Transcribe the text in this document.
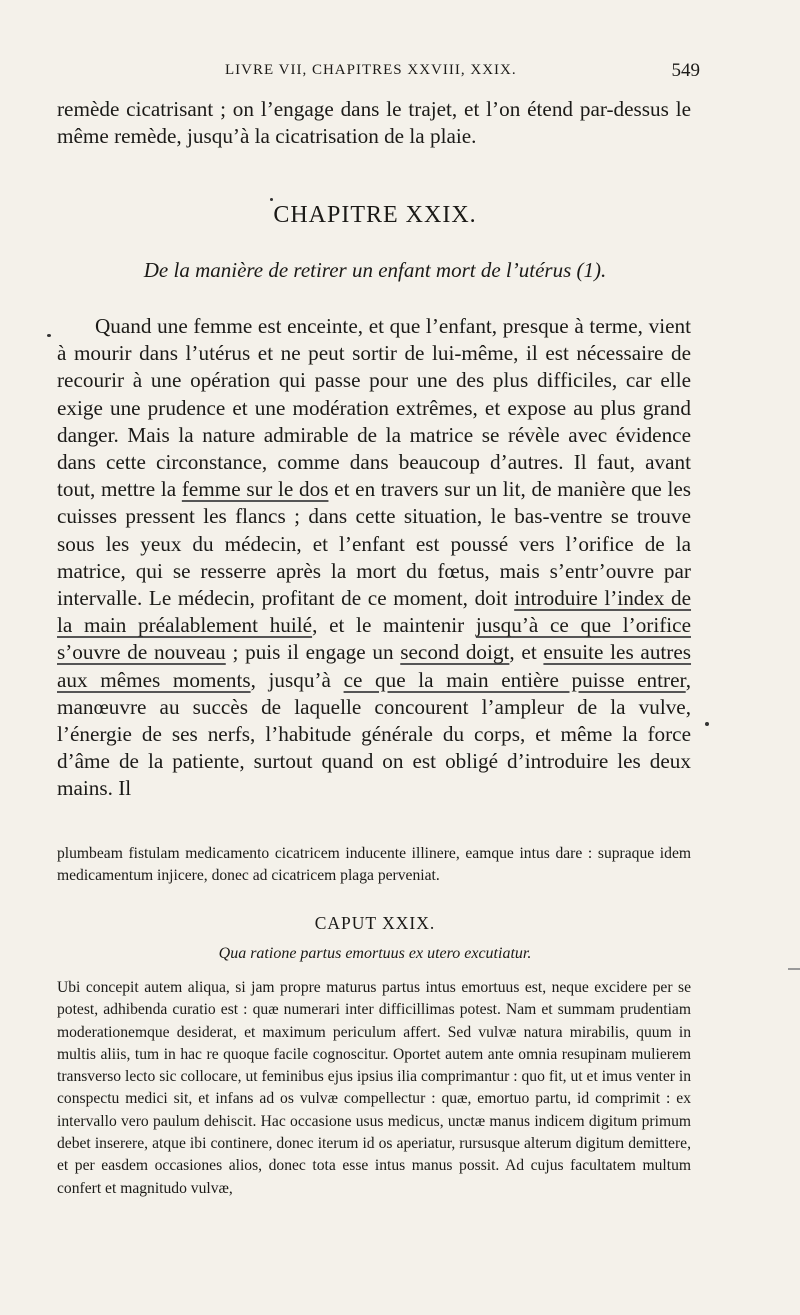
LIVRE VII, CHAPITRES XXVIII, XXIX.	549
remède cicatrisant ; on l’engage dans le trajet, et l’on étend par-dessus le même remède, jusqu’à la cicatrisation de la plaie.
CHAPITRE XXIX.
De la manière de retirer un enfant mort de l’utérus (1).
Quand une femme est enceinte, et que l’enfant, presque à terme, vient à mourir dans l’utérus et ne peut sortir de lui-même, il est nécessaire de recourir à une opération qui passe pour une des plus difficiles, car elle exige une prudence et une modération extrêmes, et expose au plus grand danger. Mais la nature admirable de la matrice se révèle avec évidence dans cette circonstance, comme dans beaucoup d’autres. Il faut, avant tout, mettre la femme sur le dos et en travers sur un lit, de manière que les cuisses pressent les flancs ; dans cette situation, le bas-ventre se trouve sous les yeux du médecin, et l’enfant est poussé vers l’orifice de la matrice, qui se resserre après la mort du fœtus, mais s’entr’ouvre par intervalle. Le médecin, profitant de ce moment, doit introduire l’index de la main préalablement huilé, et le maintenir jusqu’à ce que l’orifice s’ouvre de nouveau ; puis il engage un second doigt, et ensuite les autres aux mêmes moments, jusqu’à ce que la main entière puisse entrer, manœuvre au succès de laquelle concourent l’ampleur de la vulve, l’énergie de ses nerfs, l’habitude générale du corps, et même la force d’âme de la patiente, surtout quand on est obligé d’introduire les deux mains. Il
plumbeam fistulam medicamento cicatricem inducente illinere, eamque intus dare : supraque idem medicamentum injicere, donec ad cicatricem plaga perveniat.
CAPUT XXIX.
Qua ratione partus emortuus ex utero excutiatur.
Ubi concepit autem aliqua, si jam propre maturus partus intus emortuus est, neque excidere per se potest, adhibenda curatio est : quæ numerari inter difficillimas potest. Nam et summam prudentiam moderationemque desiderat, et maximum periculum affert. Sed vulvæ natura mirabilis, quum in multis aliis, tum in hac re quoque facile cognoscitur. Oportet autem ante omnia resupinam mulierem transverso lecto sic collocare, ut feminibus ejus ipsius ilia comprimantur : quo fit, ut et imus venter in conspectu medici sit, et infans ad os vulvæ compellectur : quæ, emortuo partu, id comprimit : ex intervallo vero paulum dehiscit. Hac occasione usus medicus, unctæ manus indicem digitum primum debet inserere, atque ibi continere, donec iterum id os aperiatur, rursusque alterum digitum demittere, et per easdem occasiones alios, donec tota esse intus manus possit. Ad cujus facultatem multum confert et magnitudo vulvæ,
